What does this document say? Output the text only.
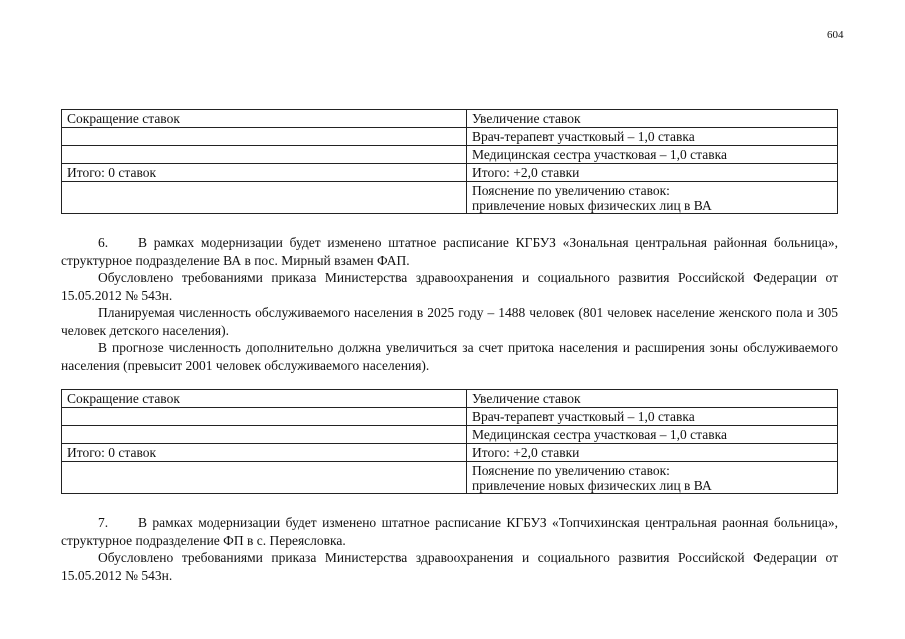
604
Сокращение ставок	Увеличение ставок
	Врач-терапевт участковый – 1,0 ставка
	Медицинская сестра участковая – 1,0 ставка
Итого: 0 ставок	Итого: +2,0 ставки

	Пояснение по увеличению ставок:
привлечение новых физических лиц в ВА

6. В рамках модернизации будет изменено штатное расписание КГБУЗ «Зональная центральная районная больница», структурное подразделение ВА в пос. Мирный взамен ФАП.

Обусловлено требованиями приказа Министерства здравоохранения и социального развития Российской Федерации от 15.05.2012 № 543н.

Планируемая численность обслуживаемого населения в 2025 году – 1488 человек (801 человек население женского пола и 305 человек детского населения).

В прогнозе численность дополнительно должна увеличиться за счет притока населения и расширения зоны обслуживаемого населения (превысит 2001 человек обслуживаемого населения).

Сокращение ставок	Увеличение ставок
	Врач-терапевт участковый – 1,0 ставка
	Медицинская сестра участковая – 1,0 ставка
Итого: 0 ставок	Итого: +2,0 ставки

	Пояснение по увеличению ставок:
привлечение новых физических лиц в ВА

7. В рамках модернизации будет изменено штатное расписание КГБУЗ «Топчихинская центральная раонная больница», структурное подразделение ФП в с. Переясловка.

Обусловлено требованиями приказа Министерства здравоохранения и социального развития Российской Федерации от 15.05.2012 № 543н.
